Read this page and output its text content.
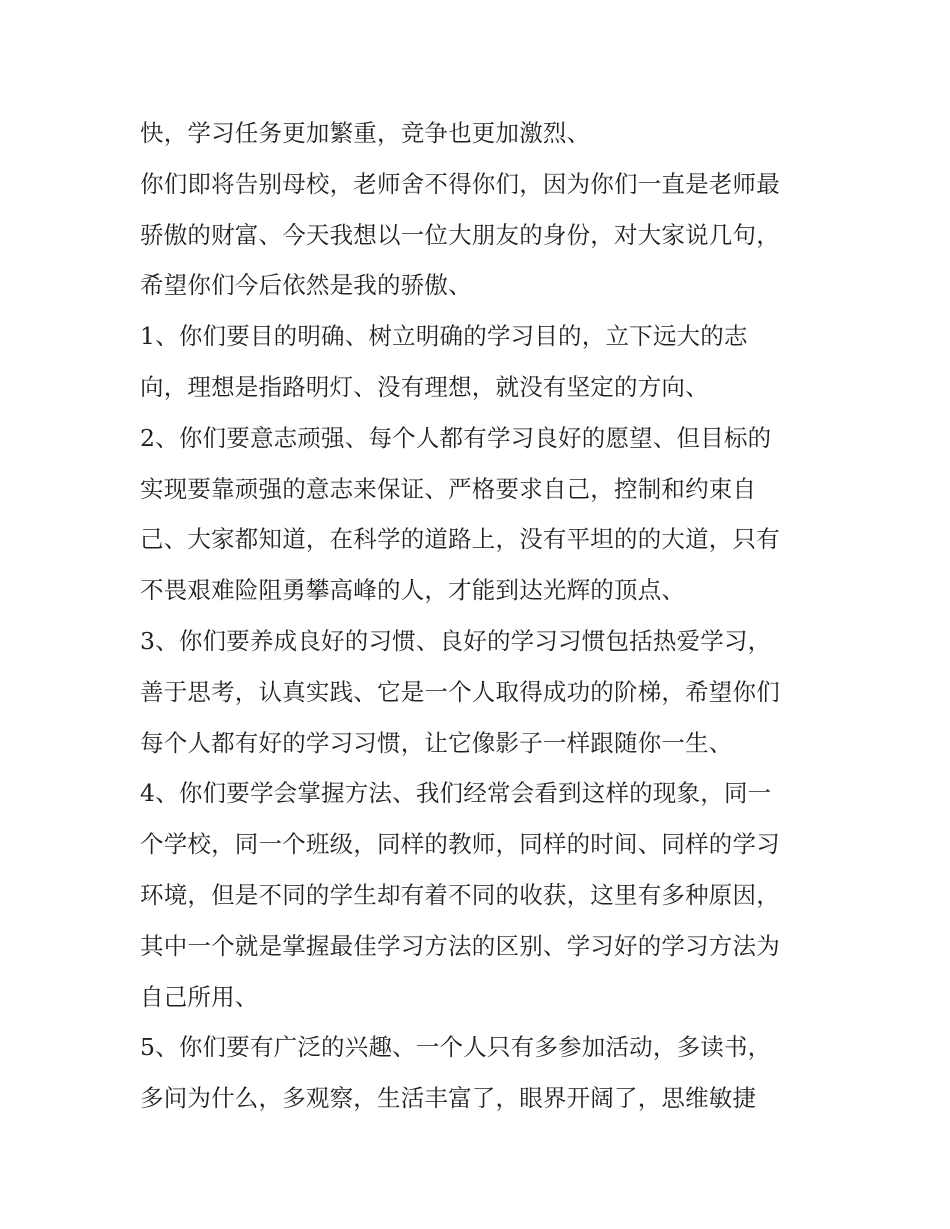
快，学习任务更加繁重，竞争也更加激烈、
你们即将告别母校，老师舍不得你们，因为你们一直是老师最
骄傲的财富、今天我想以一位大朋友的身份，对大家说几句，
希望你们今后依然是我的骄傲、
1、你们要目的明确、树立明确的学习目的，立下远大的志
向，理想是指路明灯、没有理想，就没有坚定的方向、
2、你们要意志顽强、每个人都有学习良好的愿望、但目标的
实现要靠顽强的意志来保证、严格要求自己，控制和约束自
己、大家都知道，在科学的道路上，没有平坦的的大道，只有
不畏艰难险阻勇攀高峰的人，才能到达光辉的顶点、
3、你们要养成良好的习惯、良好的学习习惯包括热爱学习，
善于思考，认真实践、它是一个人取得成功的阶梯，希望你们
每个人都有好的学习习惯，让它像影子一样跟随你一生、
4、你们要学会掌握方法、我们经常会看到这样的现象，同一
个学校，同一个班级，同样的教师，同样的时间、同样的学习
环境，但是不同的学生却有着不同的收获，这里有多种原因，
其中一个就是掌握最佳学习方法的区别、学习好的学习方法为
自己所用、
5、你们要有广泛的兴趣、一个人只有多参加活动，多读书，
多问为什么，多观察，生活丰富了，眼界开阔了，思维敏捷
